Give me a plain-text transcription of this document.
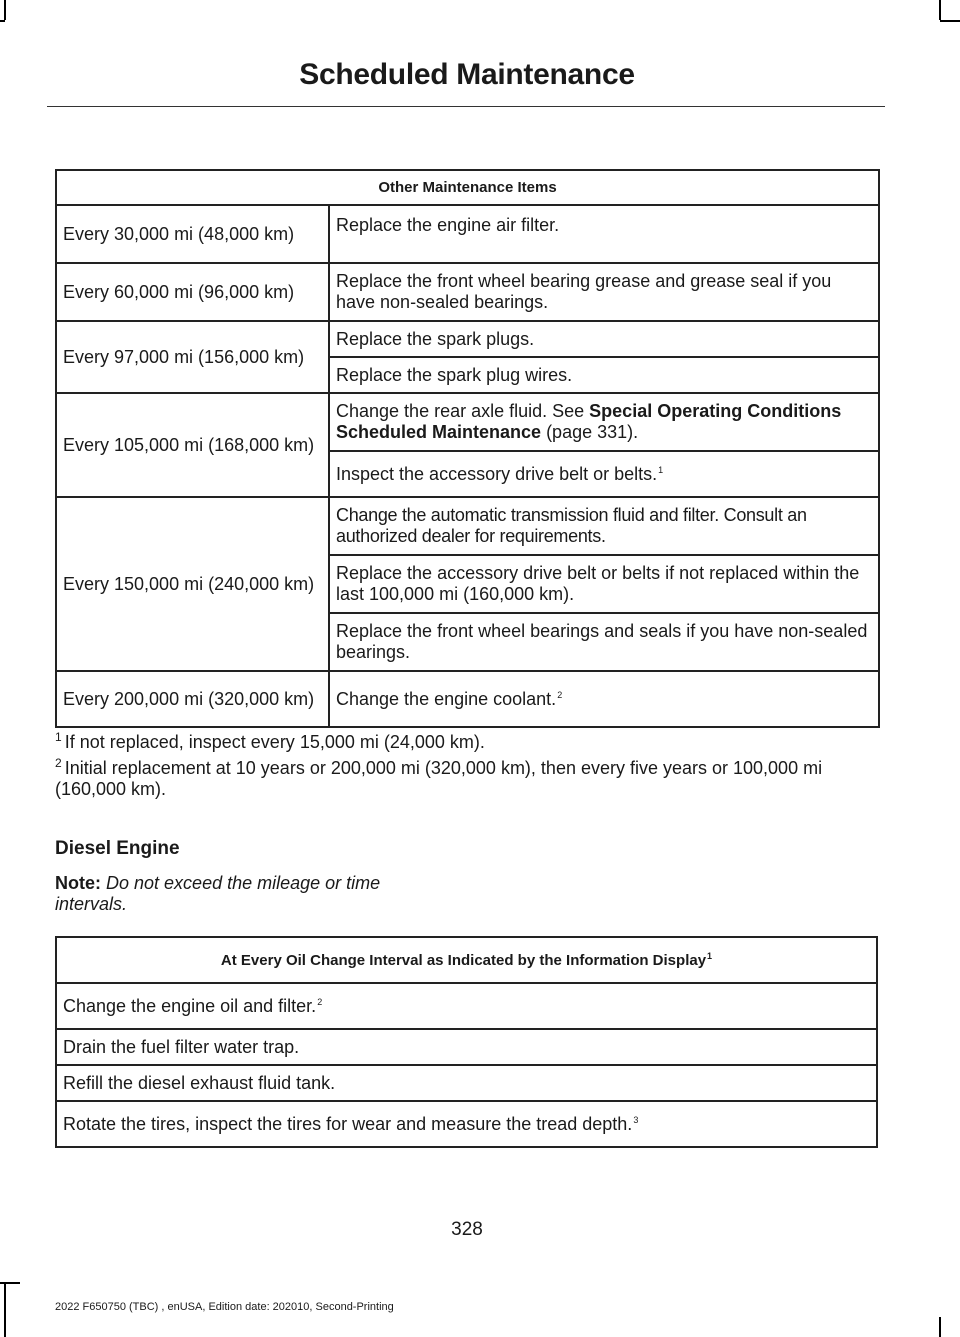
Scheduled Maintenance
Other Maintenance Items	
Every 30,000 mi (48,000 km)	Replace the engine air filter.
Every 60,000 mi (96,000 km)	Replace the front wheel bearing grease and grease seal if you have non-sealed bearings.
Every 97,000 mi (156,000 km)	Replace the spark plugs.
	Replace the spark plug wires.
Every 105,000 mi (168,000 km)	Change the rear axle fluid. See Special Operating Conditions Scheduled Maintenance (page 331).
	Inspect the accessory drive belt or belts.$^1$
Every 150,000 mi (240,000 km)	Change the automatic transmission fluid and filter. Consult an authorized dealer for requirements.
	Replace the accessory drive belt or belts if not replaced within the last 100,000 mi (160,000 km).
	Replace the front wheel bearings and seals if you have non-sealed bearings.
Every 200,000 mi (320,000 km)	Change the engine coolant.$^2$
$^1$ If not replaced, inspect every 15,000 mi (24,000 km).
$^2$ Initial replacement at 10 years or 200,000 mi (320,000 km), then every five years or 100,000 mi (160,000 km).
Diesel Engine
Note: Do not exceed the mileage or time intervals.
At Every Oil Change Interval as Indicated by the Information Display$^1$
Change the engine oil and filter.$^2$
Drain the fuel filter water trap.
Refill the diesel exhaust fluid tank.
Rotate the tires, inspect the tires for wear and measure the tread depth.$^3$
328
2022 F650750 (TBC) , enUSA, Edition date: 202010, Second-Printing
